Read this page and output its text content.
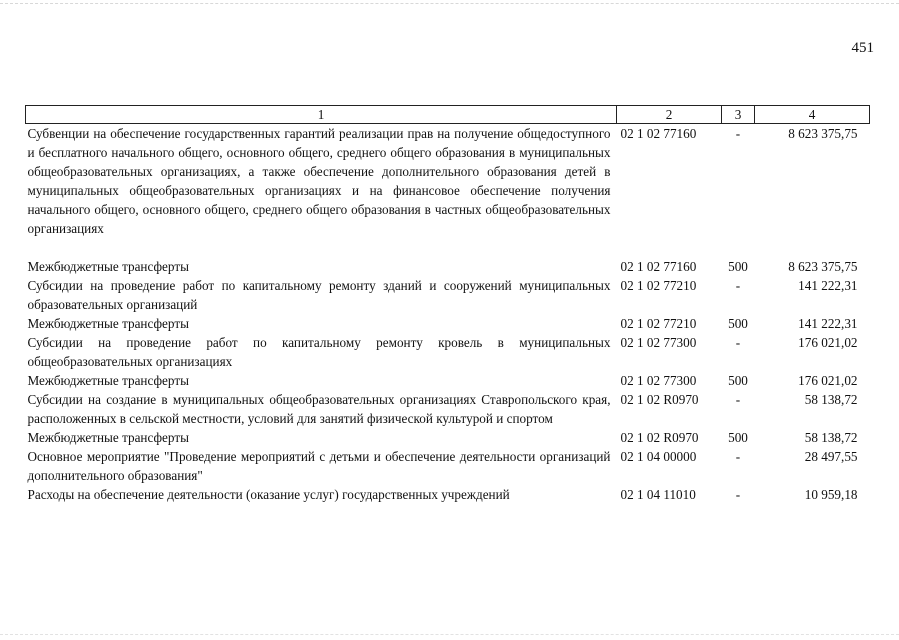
451
1	2	3	4
Субвенции на обеспечение государственных гарантий реализации прав на получение общедоступного и бесплатного начального общего, основного общего, среднего общего образования в муниципальных общеобразовательных организациях, а также обеспечение дополнительного образования детей в муниципальных общеобразовательных организациях и на финансовое обеспечение получения начального общего, основного общего, среднего общего образования в частных общеобразовательных организациях	02 1 02 77160	-	8 623 375,75
Межбюджетные трансферты	02 1 02 77160	500	8 623 375,75
Субсидии на проведение работ по капитальному ремонту зданий и сооружений муниципальных образовательных организаций	02 1 02 77210	-	141 222,31
Межбюджетные трансферты	02 1 02 77210	500	141 222,31
Субсидии на проведение работ по капитальному ремонту кровель в муниципальных общеобразовательных организациях	02 1 02 77300	-	176 021,02
Межбюджетные трансферты	02 1 02 77300	500	176 021,02
Субсидии на создание в муниципальных общеобразовательных организациях Ставропольского края, расположенных в сельской местности, условий для занятий физической культурой и спортом	02 1 02 R0970	-	58 138,72
Межбюджетные трансферты	02 1 02 R0970	500	58 138,72
Основное мероприятие "Проведение мероприятий с детьми и обеспечение деятельности организаций дополнительного образования"	02 1 04 00000	-	28 497,55
Расходы на обеспечение деятельности (оказание услуг) государственных учреждений	02 1 04 11010	-	10 959,18
